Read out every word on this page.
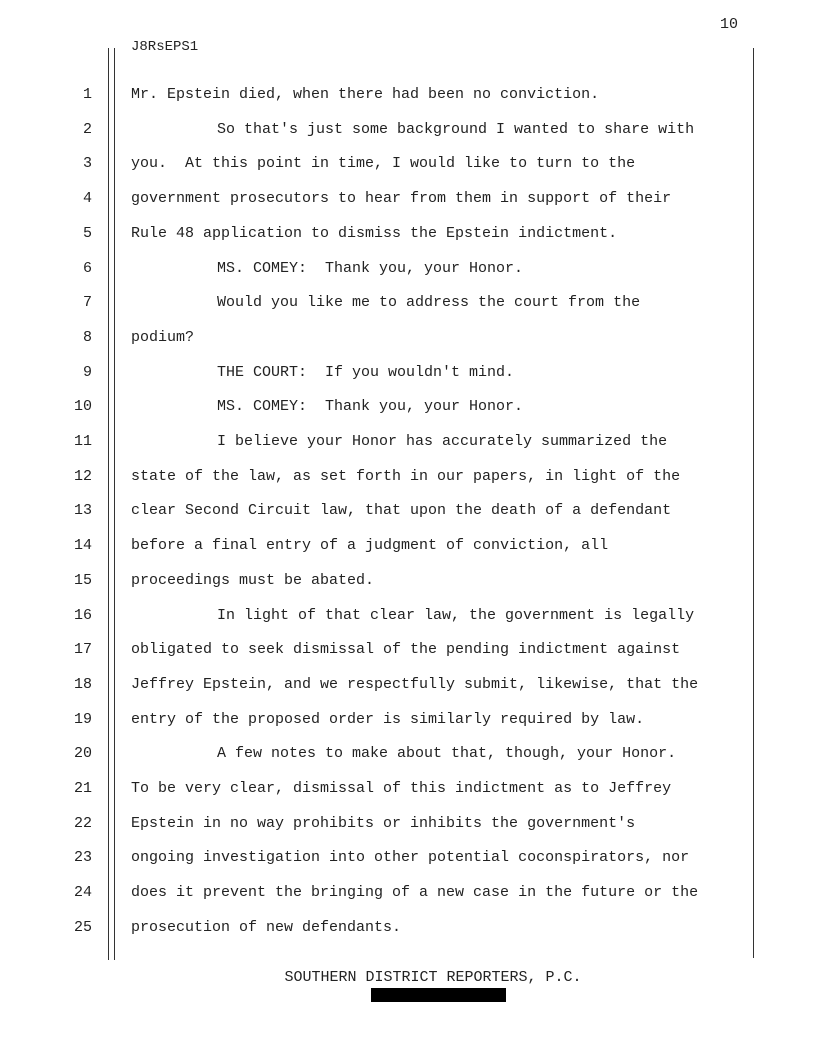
10
J8RsEPS1
1	Mr. Epstein died, when there had been no conviction.
2	So that's just some background I wanted to share with
3	you.  At this point in time, I would like to turn to the
4	government prosecutors to hear from them in support of their
5	Rule 48 application to dismiss the Epstein indictment.
6	MS. COMEY:  Thank you, your Honor.
7	Would you like me to address the court from the
8	podium?
9	THE COURT:  If you wouldn't mind.
10	MS. COMEY:  Thank you, your Honor.
11	I believe your Honor has accurately summarized the
12	state of the law, as set forth in our papers, in light of the
13	clear Second Circuit law, that upon the death of a defendant
14	before a final entry of a judgment of conviction, all
15	proceedings must be abated.
16	In light of that clear law, the government is legally
17	obligated to seek dismissal of the pending indictment against
18	Jeffrey Epstein, and we respectfully submit, likewise, that the
19	entry of the proposed order is similarly required by law.
20	A few notes to make about that, though, your Honor.
21	To be very clear, dismissal of this indictment as to Jeffrey
22	Epstein in no way prohibits or inhibits the government's
23	ongoing investigation into other potential coconspirators, nor
24	does it prevent the bringing of a new case in the future or the
25	prosecution of new defendants.
SOUTHERN DISTRICT REPORTERS, P.C.
